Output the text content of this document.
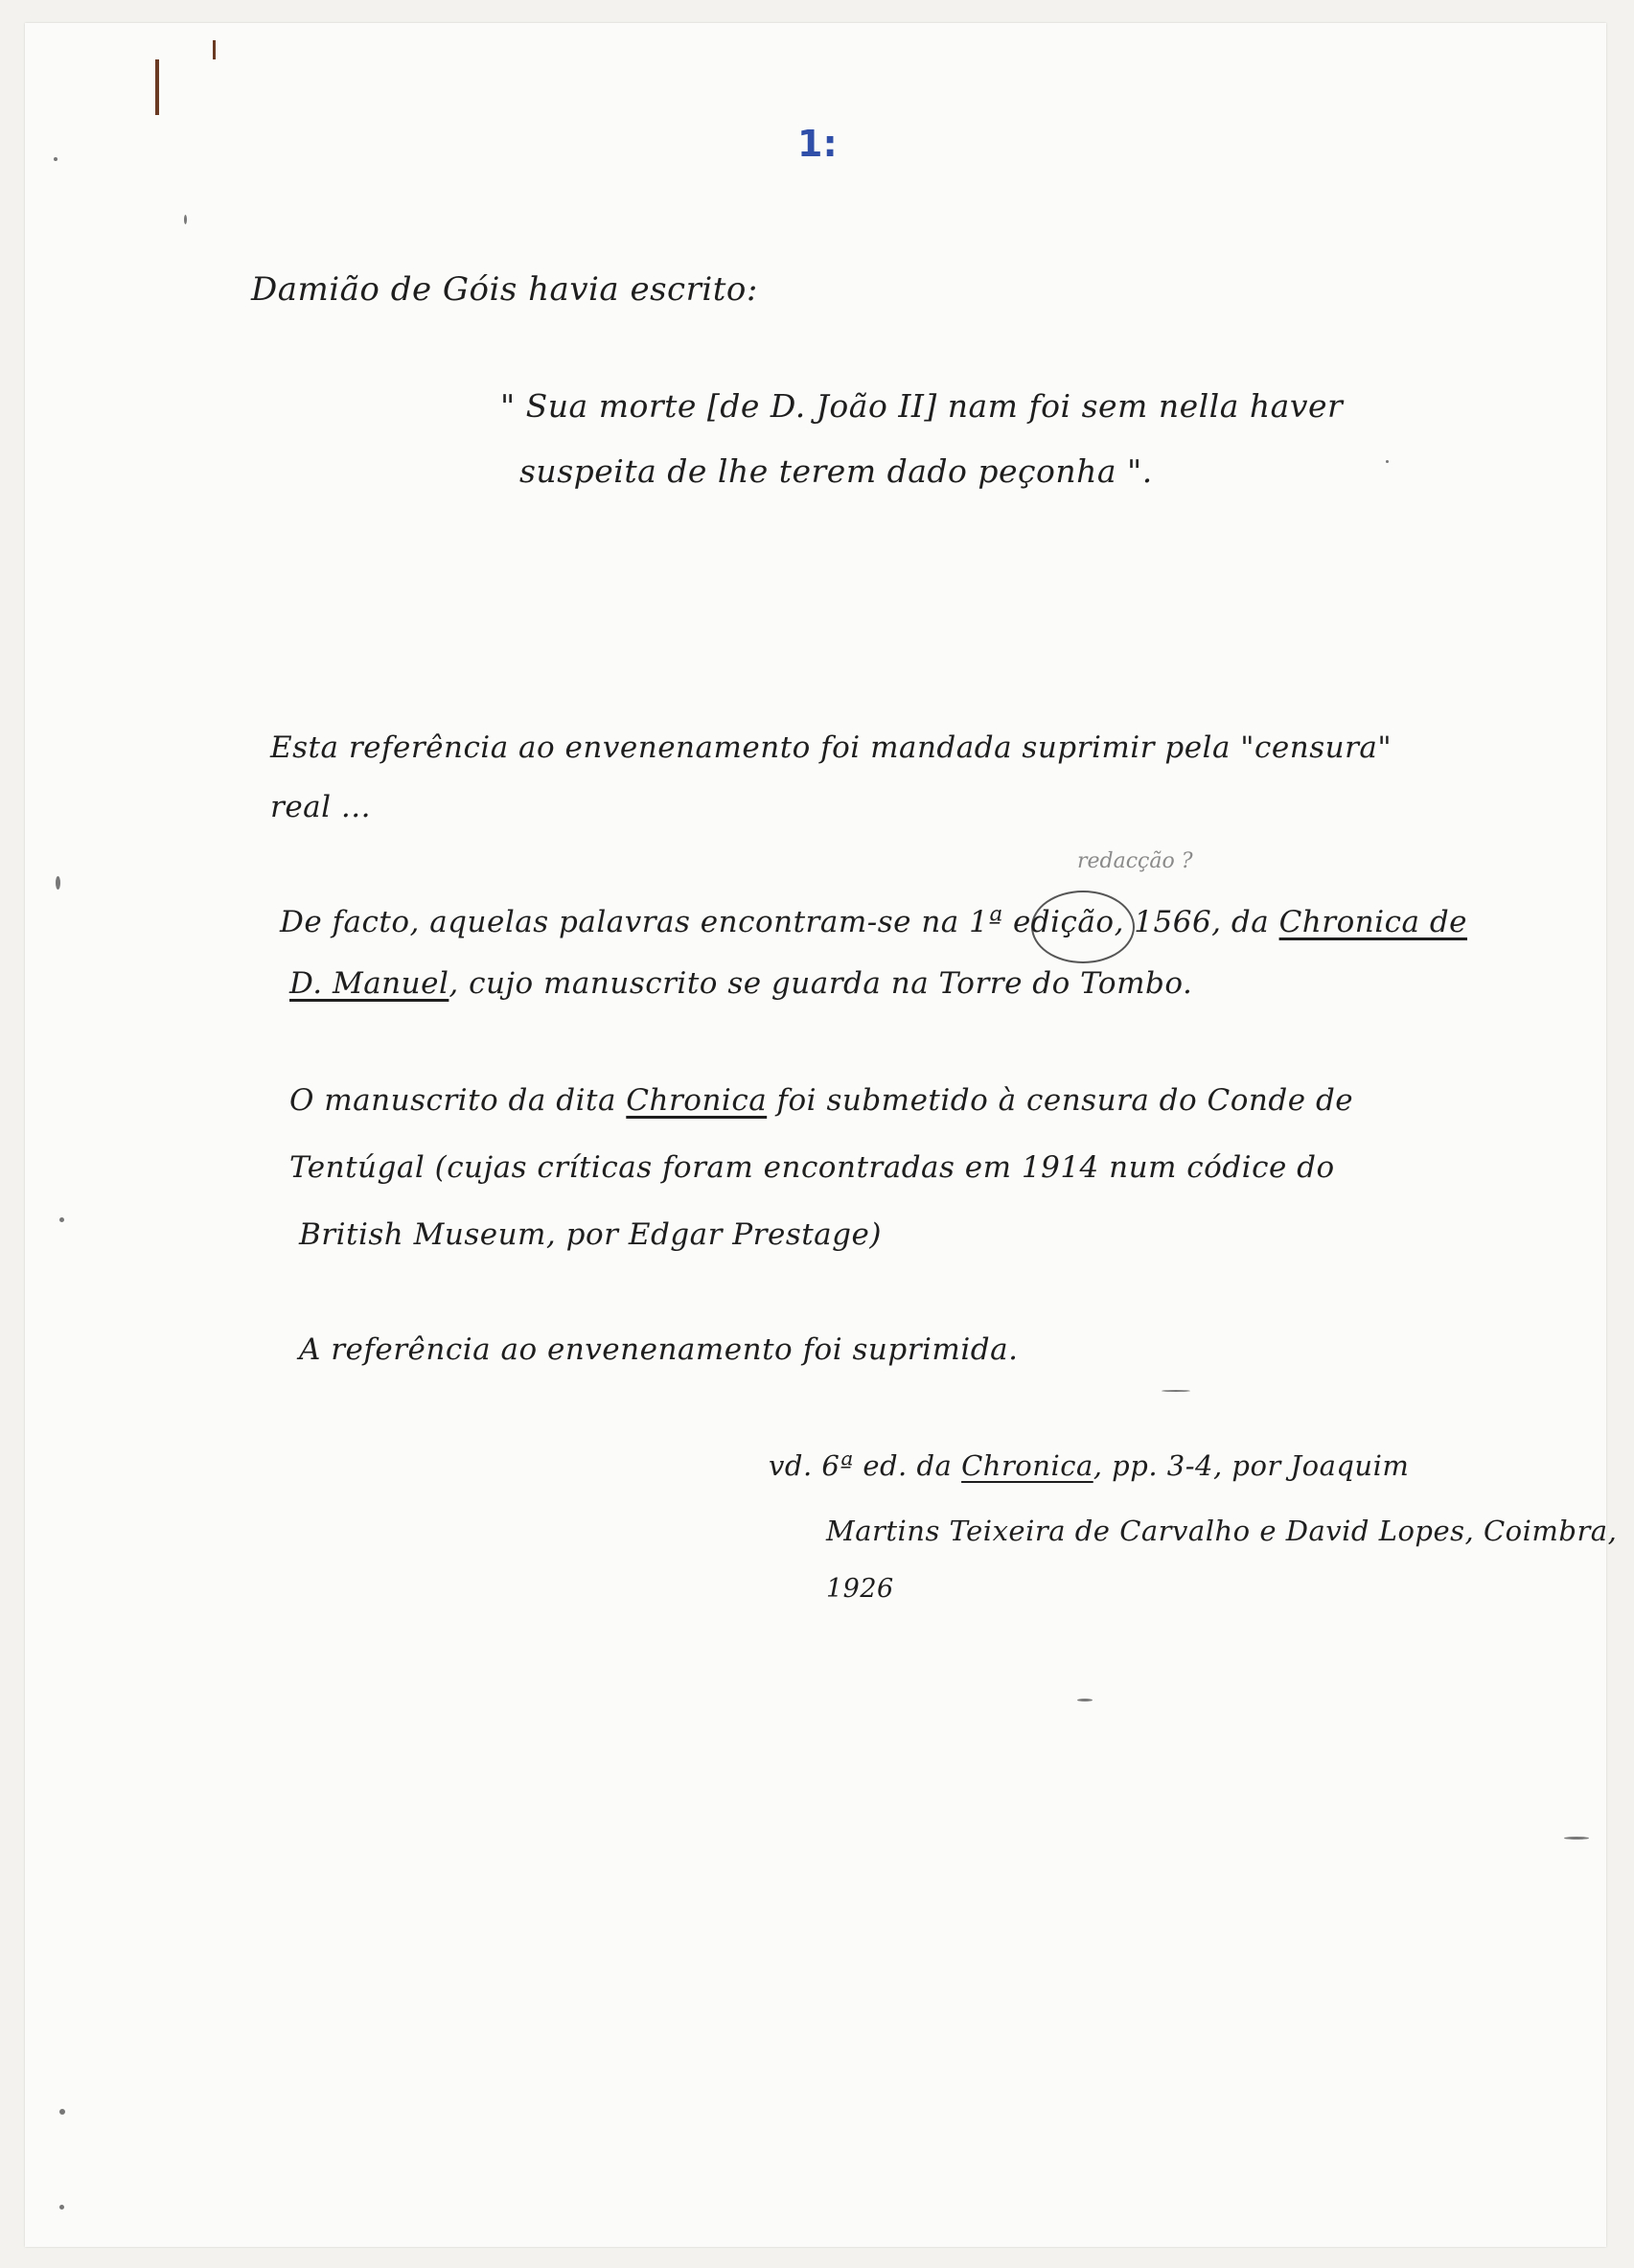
1:
Damião de Góis havia escrito:
" Sua morte [de D. João II] nam foi sem nella haver
suspeita de lhe terem dado peçonha ".
Esta referência ao envenenamento foi mandada suprimir pela "censura"
real ...
redacção ?
De facto, aquelas palavras encontram-se na 1ª edição, 1566, da Chronica de
D. Manuel, cujo manuscrito se guarda na Torre do Tombo.
O manuscrito da dita Chronica foi submetido à censura do Conde de
Tentúgal (cujas críticas foram encontradas em 1914 num códice do
British Museum, por Edgar Prestage)
A referência ao envenenamento foi suprimida.
vd. 6ª ed. da Chronica, pp. 3-4, por Joaquim
Martins Teixeira de Carvalho e David Lopes, Coimbra,
1926
